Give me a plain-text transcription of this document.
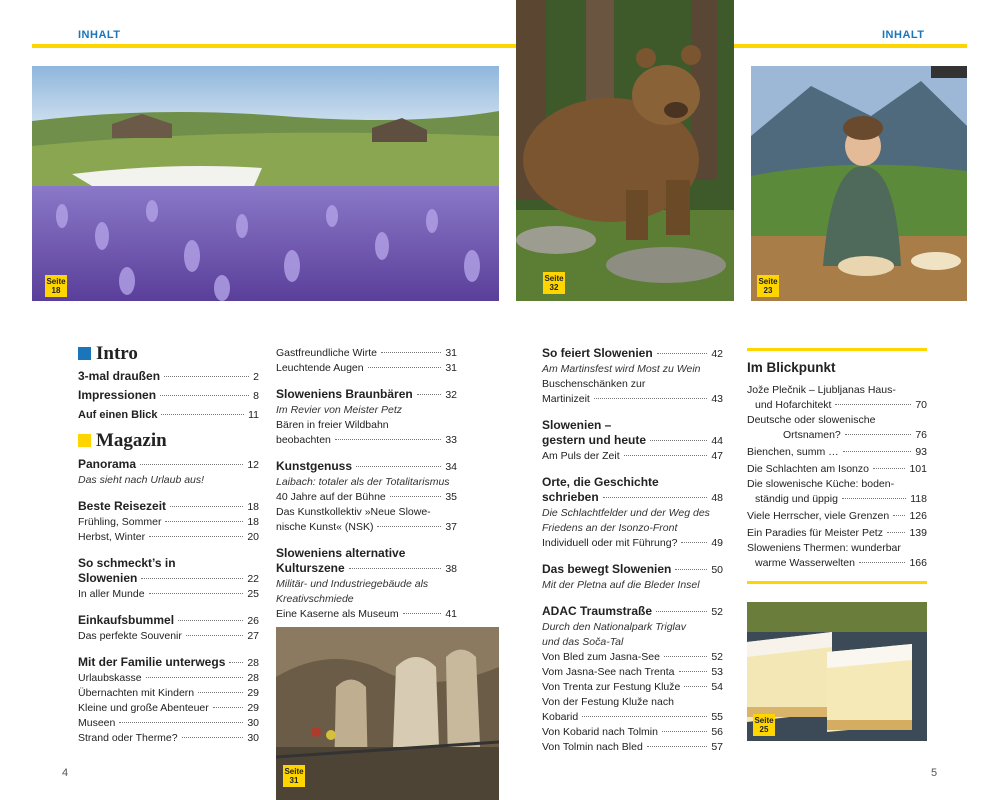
INHALT	INHALT
Seite
18
Seite
32
Seite
23
Intro
3-mal draußen	2
Impressionen	8
Auf einen Blick	11
Magazin
Panorama	12
Das sieht nach Urlaub aus!
Beste Reisezeit	18
Frühling, Sommer	18
Herbst, Winter	20
So schmeckt’s in
Slowenien	22
In aller Munde	25
Einkaufsbummel	26
Das perfekte Souvenir	27
Mit der Familie unterwegs 28
Urlaubskasse	28
Übernachten mit Kindern	29
Kleine und große Abenteuer	29
Museen	30
Strand oder Therme?	30
Gastfreundliche Wirte	31
Leuchtende Augen	31
Sloweniens Braunbären	32
Im Revier von Meister Petz
Bären in freier Wildbahn
beobachten	33
Kunstgenuss	34
Laibach: totaler als der Totalitarismus
40 Jahre auf der Bühne	35
Das Kunstkollektiv »Neue Slowe-
nische Kunst« (NSK)	37
Sloweniens alternative
Kulturszene	38
Militär- und Industriegebäude als
Kreativschmiede
Eine Kaserne als Museum	41
Seite
31
So feiert Slowenien	42
Am Martinsfest wird Most zu Wein
Buschenschänken zur
Martinizeit	43
Slowenien –
gestern und heute	44
Am Puls der Zeit	47
Orte, die Geschichte
schrieben	48
Die Schlachtfelder und der Weg des
Friedens an der Isonzo-Front
Individuell oder mit Führung?	49
Das bewegt Slowenien	50
Mit der Pletna auf die Bleder Insel
ADAC Traumstraße	52
Durch den Nationalpark Triglav
und das Soča-Tal
Von Bled zum Jasna-See	52
Vom Jasna-See nach Trenta	53
Von Trenta zur Festung Kluže	54
Von der Festung Kluže nach
Kobarid	55
Von Kobarid nach Tolmin	56
Von Tolmin nach Bled	57
Im Blickpunkt
Jože Plečnik – Ljubljanas Haus-
und Hofarchitekt	70
Deutsche oder slowenische
Ortsnamen?	76
Bienchen, summ …	93
Die Schlachten am Isonzo	101
Die slowenische Küche: boden-
ständig und üppig	118
Viele Herrscher, viele Grenzen 126
Ein Paradies für Meister Petz	139
Sloweniens Thermen: wunderbar
warme Wasserwelten	166
Seite
25
4	5
